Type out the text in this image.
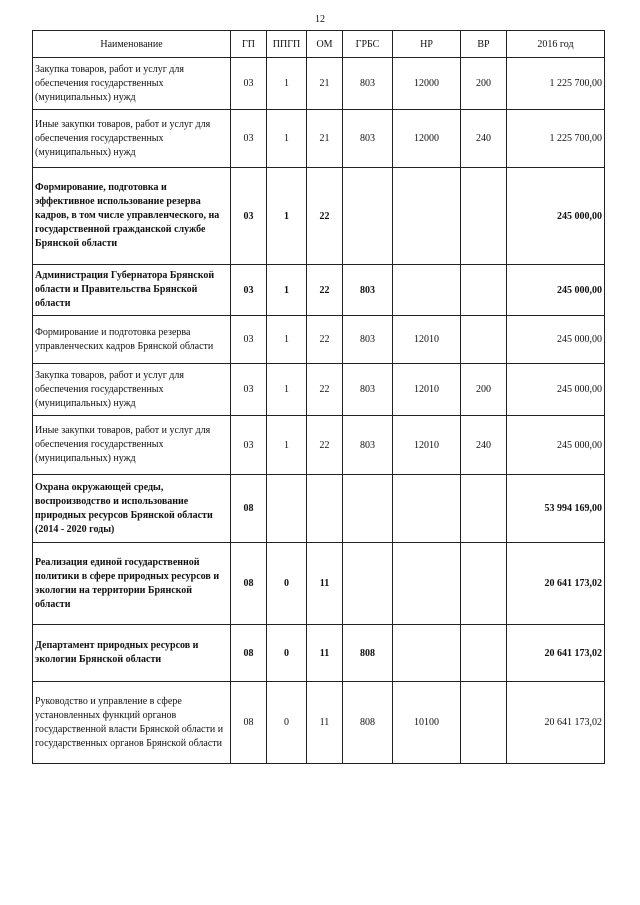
12
Наименование	ГП	ППГП	ОМ	ГРБС	НР	ВР	2016 год
Закупка товаров, работ и услуг для обеспечения государственных (муниципальных) нужд	03	1	21	803	12000	200	1 225 700,00
Иные закупки товаров, работ и услуг для обеспечения государственных (муниципальных) нужд	03	1	21	803	12000	240	1 225 700,00
Формирование, подготовка и эффективное использование резерва кадров, в том числе управленческого, на государственной гражданской службе Брянской области	03	1	22				245 000,00
Администрация Губернатора Брянской области и Правительства Брянской области	03	1	22	803			245 000,00
Формирование и подготовка резерва управленческих кадров Брянской области	03	1	22	803	12010		245 000,00
Закупка товаров, работ и услуг для обеспечения государственных (муниципальных) нужд	03	1	22	803	12010	200	245 000,00
Иные закупки товаров, работ и услуг для обеспечения государственных (муниципальных) нужд	03	1	22	803	12010	240	245 000,00
Охрана окружающей среды, воспроизводство и использование природных ресурсов Брянской области (2014 - 2020 годы)	08						53 994 169,00
Реализация единой государственной политики в сфере природных ресурсов и экологии на территории Брянской области	08	0	11				20 641 173,02
Департамент природных ресурсов и экологии Брянской области	08	0	11	808			20 641 173,02
Руководство и управление в сфере установленных функций органов государственной власти Брянской области и государственных органов Брянской области	08	0	11	808	10100		20 641 173,02
